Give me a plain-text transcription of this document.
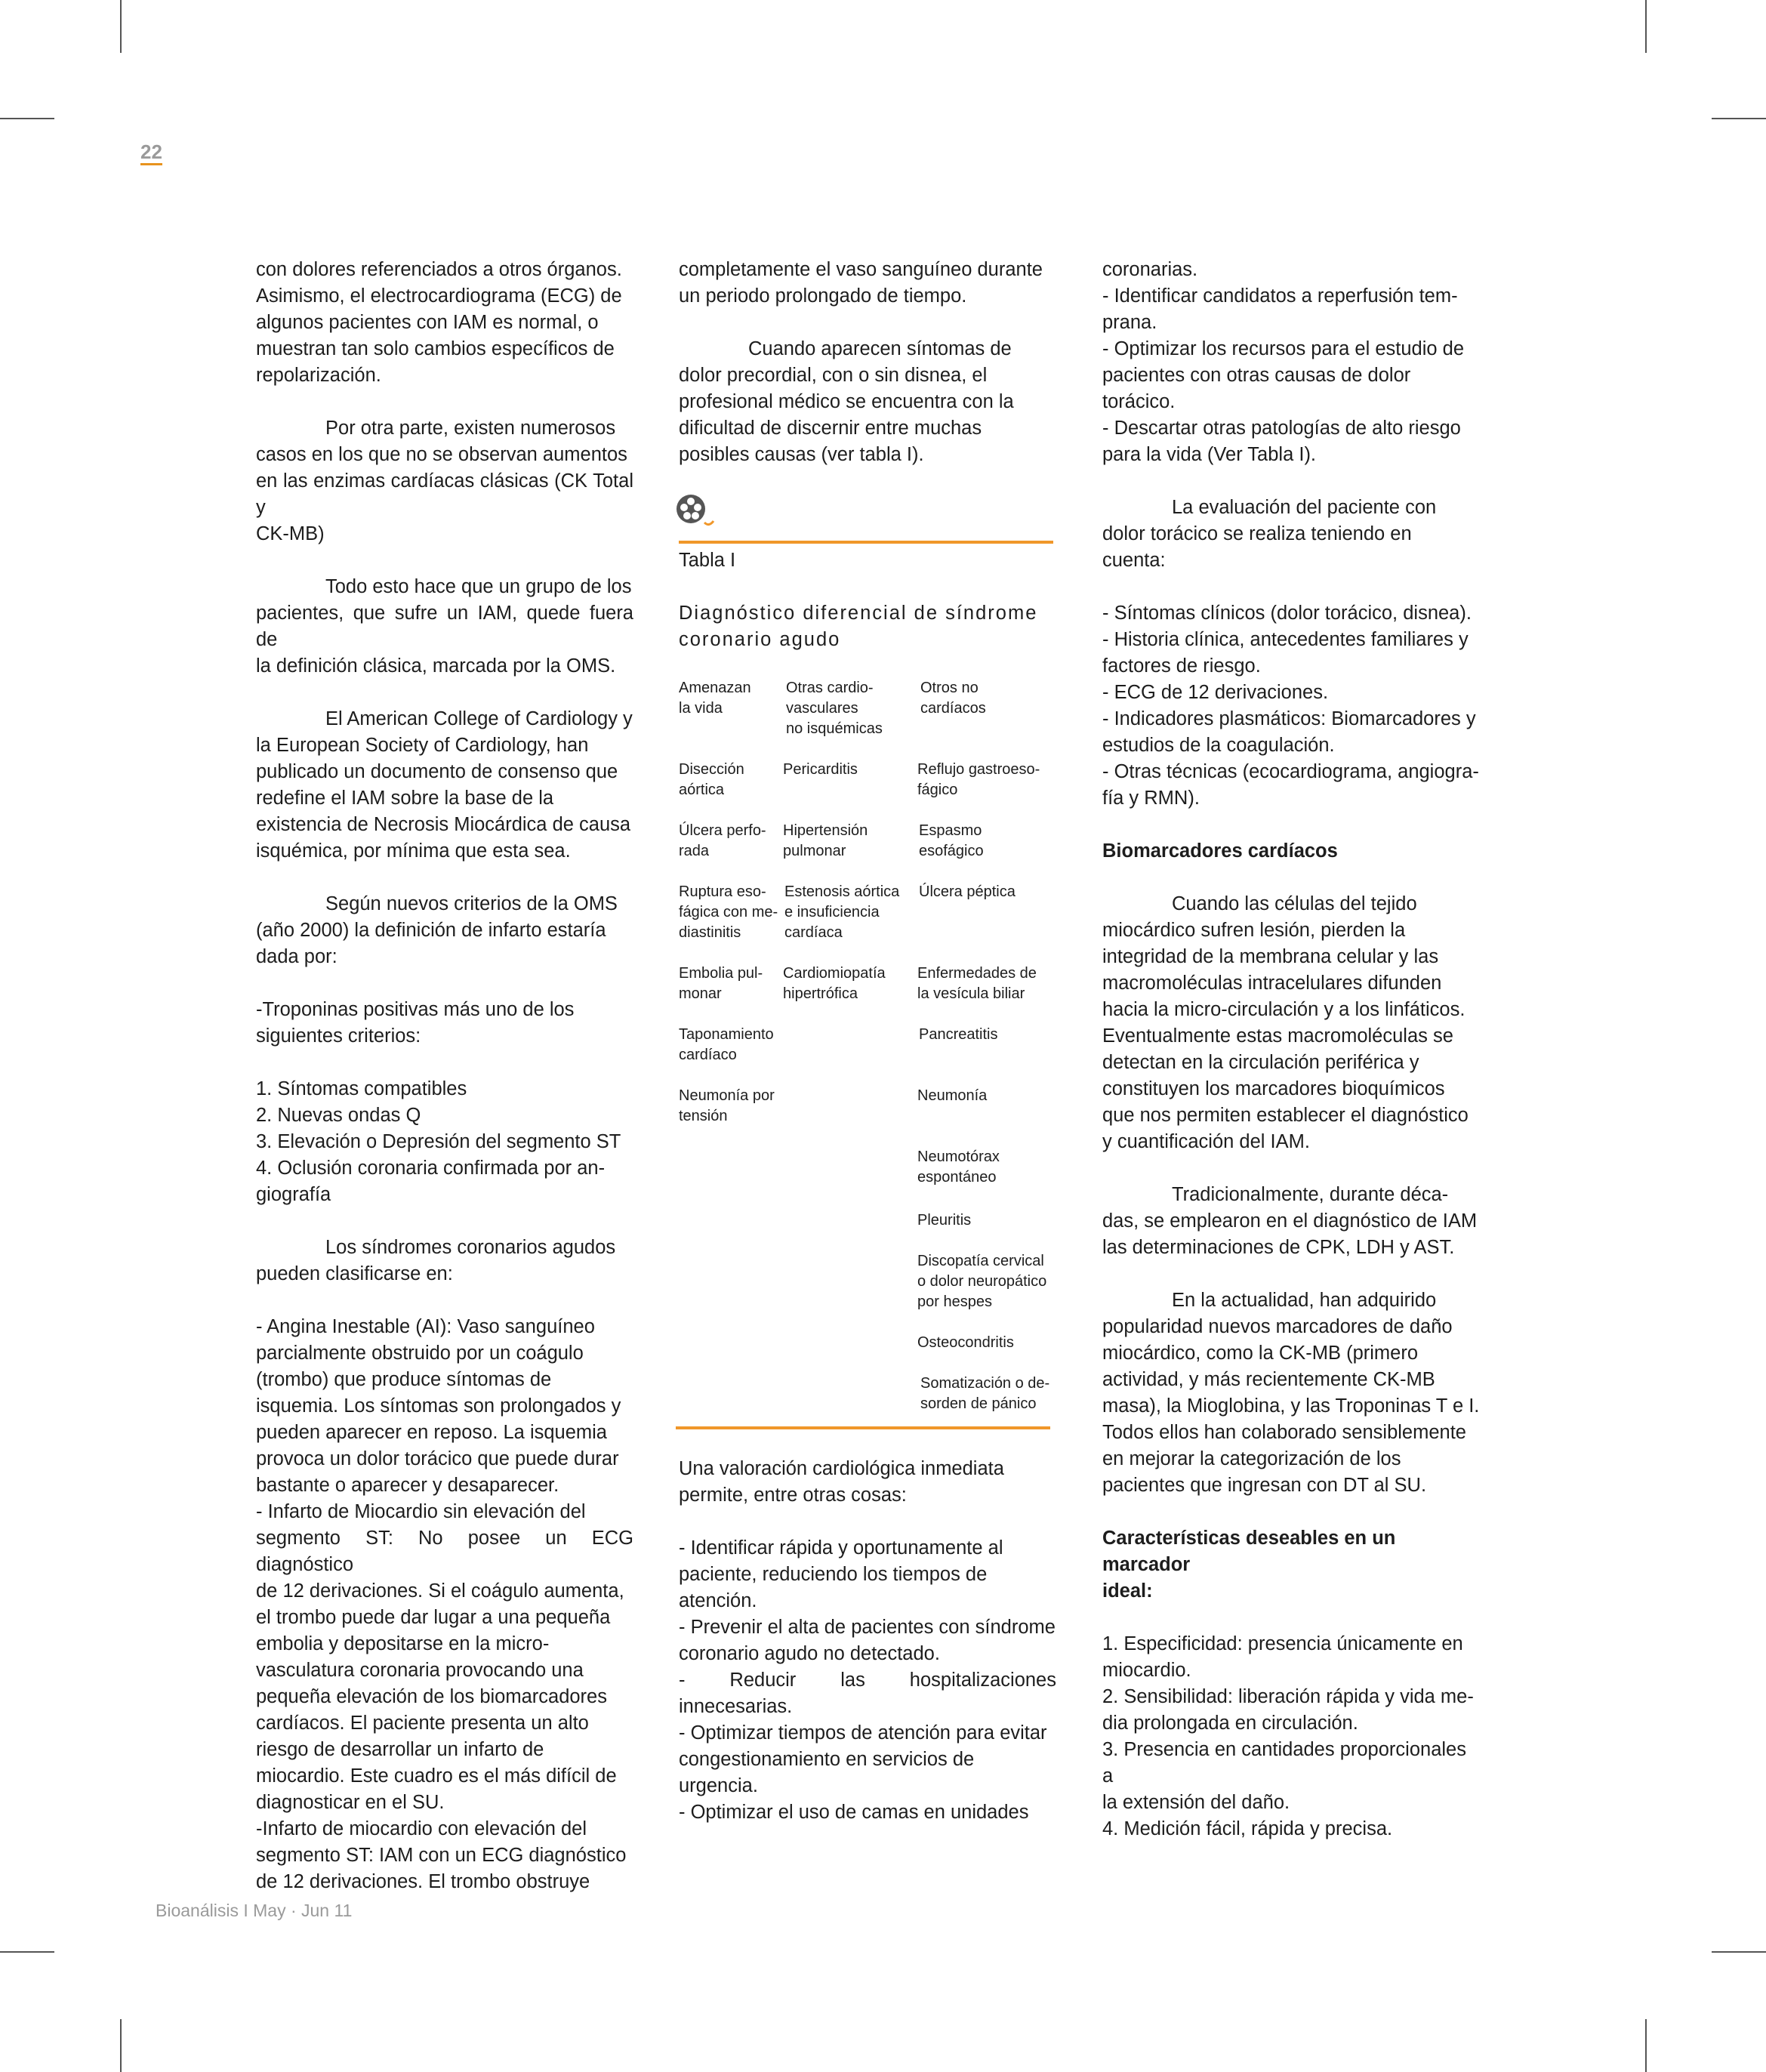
22

con dolores referenciados a otros órganos.
Asimismo, el electrocardiograma (ECG) de
algunos pacientes con IAM es normal, o
muestran tan solo cambios específicos de
repolarización.

Por otra parte, existen numerosos
casos en los que no se observan aumentos
en las enzimas cardíacas clásicas (CK Total y
CK-MB)

Todo esto hace que un grupo de los
pacientes, que sufre un IAM, quede fuera de
la definición clásica, marcada por la OMS.

El American College of Cardiology y
la European Society of Cardiology, han
publicado un documento de consenso que
redefine el IAM sobre la base de la
existencia de Necrosis Miocárdica de causa
isquémica, por mínima que esta sea.

Según nuevos criterios de la OMS
(año 2000) la definición de infarto estaría
dada por:

-Troponinas positivas más uno de los
siguientes criterios:

1. Síntomas compatibles
2. Nuevas ondas Q
3. Elevación o Depresión del segmento ST
4. Oclusión coronaria confirmada por an-
giografía

Los síndromes coronarios agudos
pueden clasificarse en:

- Angina Inestable (AI): Vaso sanguíneo
parcialmente obstruido por un coágulo
(trombo) que produce síntomas de
isquemia. Los síntomas son prolongados y
pueden aparecer en reposo. La isquemia
provoca un dolor torácico que puede durar
bastante o aparecer y desaparecer.
- Infarto de Miocardio sin elevación del
segmento ST: No posee un ECG diagnóstico
de 12 derivaciones. Si el coágulo aumenta,
el trombo puede dar lugar a una pequeña
embolia y depositarse en la micro-
vasculatura coronaria provocando una
pequeña elevación de los biomarcadores
cardíacos. El paciente presenta un alto
riesgo de desarrollar un infarto de
miocardio. Este cuadro es el más difícil de
diagnosticar en el SU.
-Infarto de miocardio con elevación del
segmento ST: IAM con un ECG diagnóstico
de 12 derivaciones. El trombo obstruye

completamente el vaso sanguíneo durante
un periodo prolongado de tiempo.

Cuando aparecen síntomas de
dolor precordial, con o sin disnea, el
profesional médico se encuentra con la
dificultad de discernir entre muchas
posibles causas (ver tabla I).

Tabla I
Diagnóstico diferencial de síndrome
coronario agudo
Amenazan
la vida
Otras cardio-
vasculares
no isquémicas
Otros no
cardíacos
Disección
aórtica
Úlcera perfo-
rada
Ruptura eso-
fágica con me-
diastinitis
Embolia pul-
monar
Taponamiento
cardíaco
Neumonía por
tensión
Pericarditis
Hipertensión
pulmonar
Estenosis aórtica
e insuficiencia
cardíaca
Cardiomiopatía
hipertrófica
Reflujo gastroeso-
fágico
Espasmo
esofágico
Úlcera péptica
Enfermedades de
la vesícula biliar
Pancreatitis
Neumonía
Neumotórax
espontáneo
Pleuritis
Discopatía cervical
o dolor neuropático
por hespes
Osteocondritis
Somatización o de-
sorden de pánico

Una valoración cardiológica inmediata
permite, entre otras cosas:

- Identificar rápida y oportunamente al
paciente, reduciendo los tiempos de
atención.
- Prevenir el alta de pacientes con síndrome
coronario agudo no detectado.
- Reducir las hospitalizaciones innecesarias.
- Optimizar tiempos de atención para evitar
congestionamiento en servicios de
urgencia.
- Optimizar el uso de camas en unidades

coronarias.
- Identificar candidatos a reperfusión tem-
prana.
- Optimizar los recursos para el estudio de
pacientes con otras causas de dolor
torácico.
- Descartar otras patologías de alto riesgo
para la vida (Ver Tabla I).

La evaluación del paciente con
dolor torácico se realiza teniendo en
cuenta:

- Síntomas clínicos (dolor torácico, disnea).
- Historia clínica, antecedentes familiares y
factores de riesgo.
- ECG de 12 derivaciones.
- Indicadores plasmáticos: Biomarcadores y
estudios de la coagulación.
- Otras técnicas (ecocardiograma, angiogra-
fía y RMN).

Biomarcadores cardíacos

Cuando las células del tejido
miocárdico sufren lesión, pierden la
integridad de la membrana celular y las
macromoléculas intracelulares difunden
hacia la micro-circulación y a los linfáticos.
Eventualmente estas macromoléculas se
detectan en la circulación periférica y
constituyen los marcadores bioquímicos
que nos permiten establecer el diagnóstico
y cuantificación del IAM.

Tradicionalmente, durante déca-
das, se emplearon en el diagnóstico de IAM
las determinaciones de CPK, LDH y AST.

En la actualidad, han adquirido
popularidad nuevos marcadores de daño
miocárdico, como la CK-MB (primero
actividad, y más recientemente CK-MB
masa), la Mioglobina, y las Troponinas T e I.
Todos ellos han colaborado sensiblemente
en mejorar la categorización de los
pacientes que ingresan con DT al SU.

Características deseables en un marcador
ideal:

1. Especificidad: presencia únicamente en
miocardio.
2. Sensibilidad: liberación rápida y vida me-
dia prolongada en circulación.
3. Presencia en cantidades proporcionales a
la extensión del daño.
4. Medición fácil, rápida y precisa.

Bioanálisis I May · Jun 11
